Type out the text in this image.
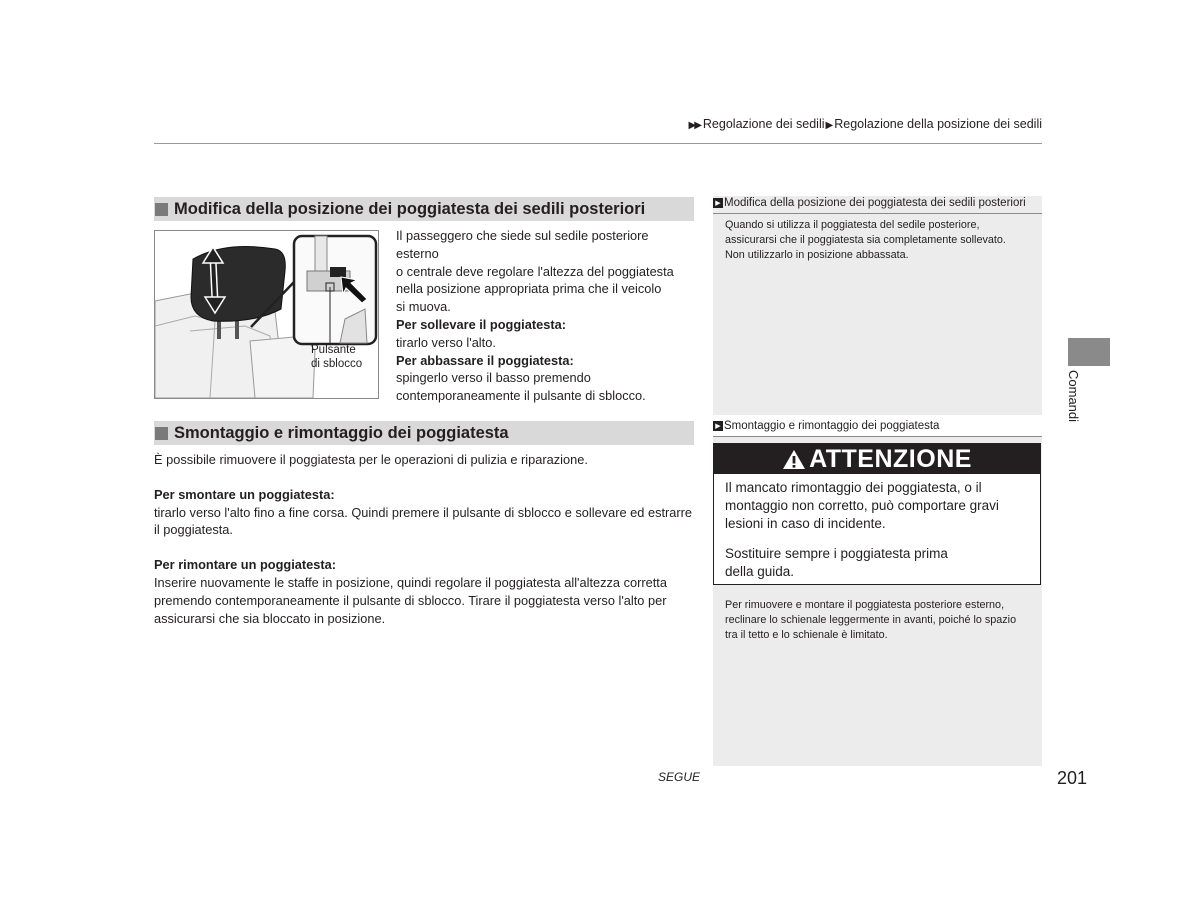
▶▶ Regolazione dei sedili▶Regolazione della posizione dei sedili
Modifica della posizione dei poggiatesta dei sedili posteriori

Pulsante

di sblocco

Il passeggero che siede sul sedile posteriore esterno

o centrale deve regolare l'altezza del poggiatesta

nella posizione appropriata prima che il veicolo

si muova.

Per sollevare il poggiatesta:

tirarlo verso l'alto.

Per abbassare il poggiatesta:

spingerlo verso il basso premendo

contemporaneamente il pulsante di sblocco.

Smontaggio e rimontaggio dei poggiatesta

È possibile rimuovere il poggiatesta per le operazioni di pulizia e riparazione.

Per smontare un poggiatesta:

tirarlo verso l'alto fino a fine corsa. Quindi premere il pulsante di sblocco e sollevare ed estrarre

il poggiatesta.

Per rimontare un poggiatesta:

Inserire nuovamente le staffe in posizione, quindi regolare il poggiatesta all'altezza corretta

premendo contemporaneamente il pulsante di sblocco. Tirare il poggiatesta verso l'alto per

assicurarsi che sia bloccato in posizione.

▶ Modifica della posizione dei poggiatesta dei sedili posteriori
Quando si utilizza il poggiatesta del sedile posteriore,
assicurarsi che il poggiatesta sia completamente sollevato.
Non utilizzarlo in posizione abbassata.
▶ Smontaggio e rimontaggio dei poggiatesta
ATTENZIONE
Il mancato rimontaggio dei poggiatesta, o il
montaggio non corretto, può comportare gravi
lesioni in caso di incidente.
Sostituire sempre i poggiatesta prima
della guida.
Per rimuovere e montare il poggiatesta posteriore esterno,
reclinare lo schienale leggermente in avanti, poiché lo spazio
tra il tetto e lo schienale è limitato.
Comandi
SEGUE	201
